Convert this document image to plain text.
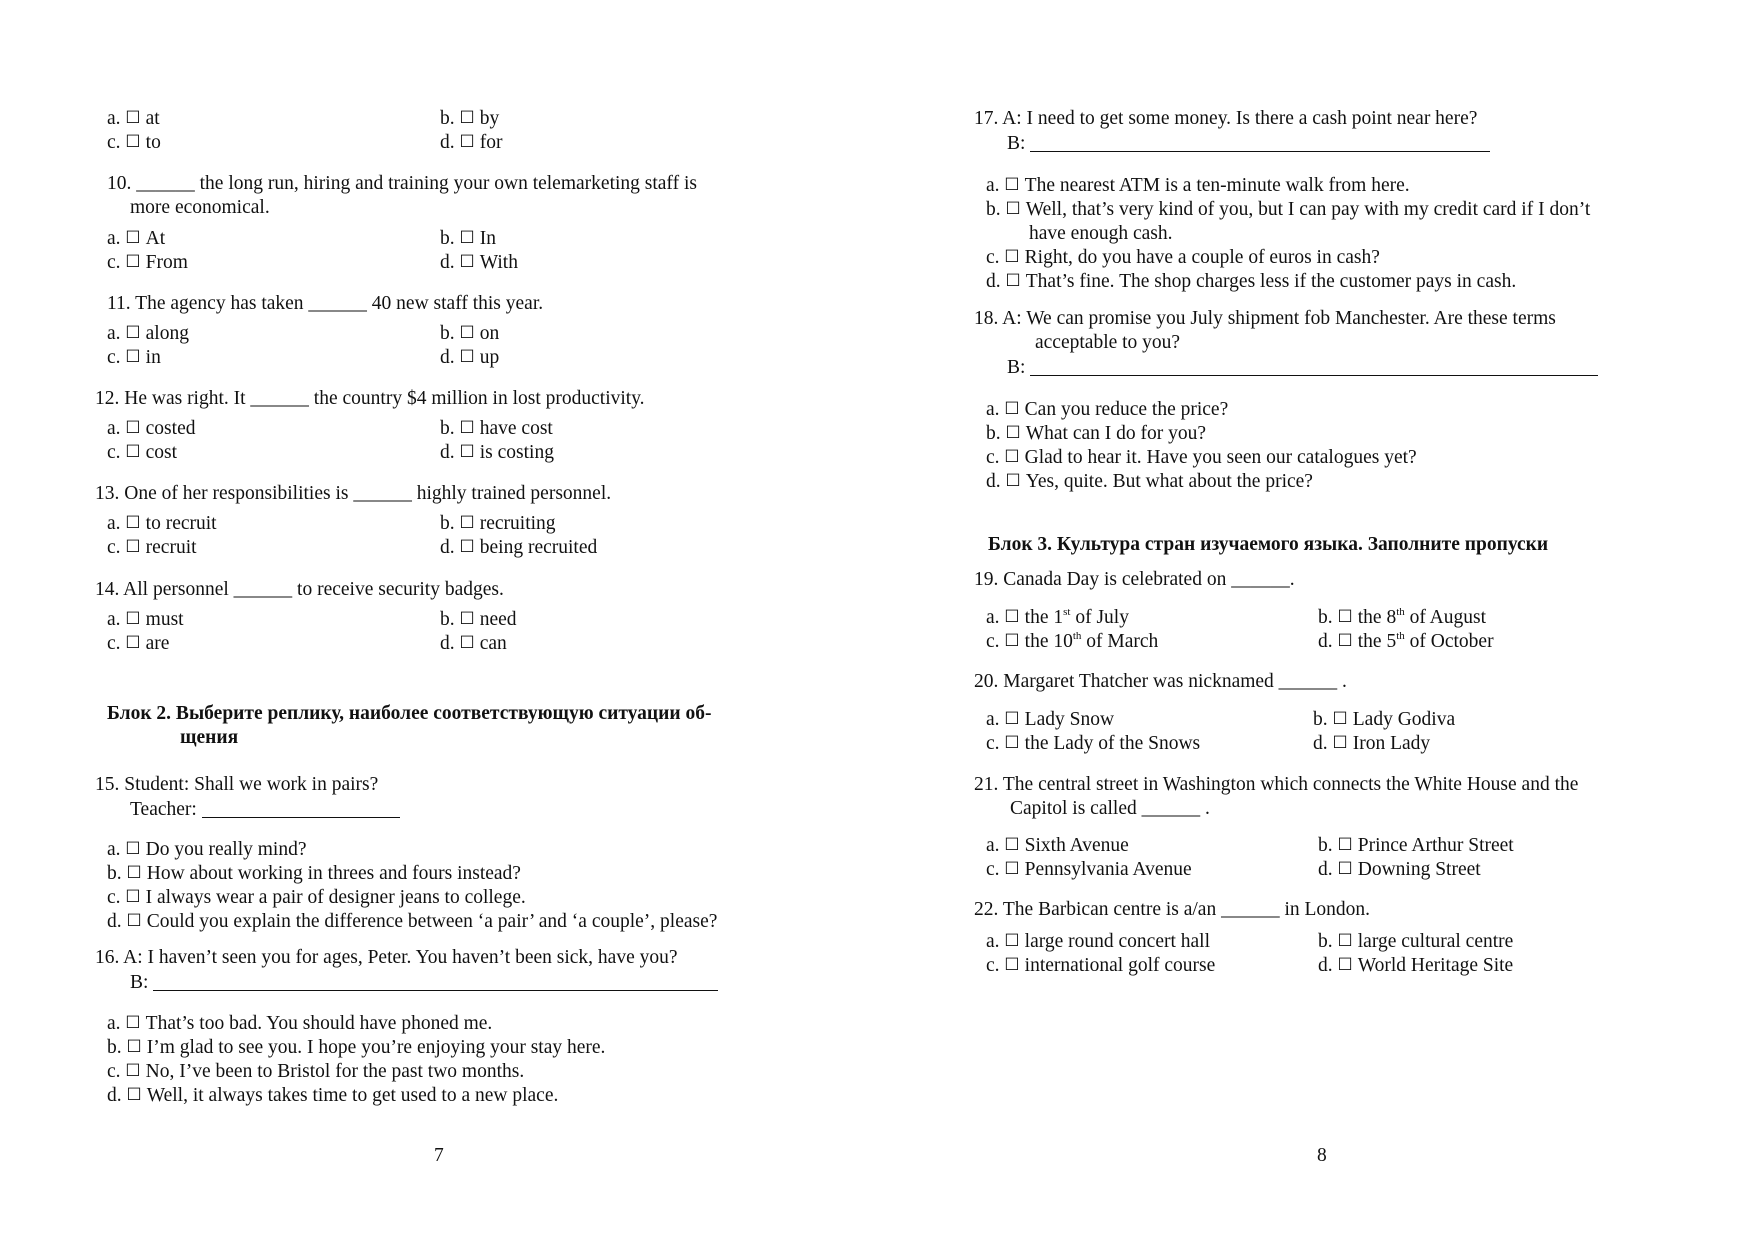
a. ☐ at	b. ☐ by
c. ☐ to	d. ☐ for
10. ______ the long run, hiring and training your own telemarketing staff is
more economical.
a. ☐ At	b. ☐ In
c. ☐ From	d. ☐ With
11. The agency has taken ______ 40 new staff this year.
a. ☐ along	b. ☐ on
c. ☐ in	d. ☐ up
12. He was right. It ______ the country $4 million in lost productivity.
a. ☐ costed	b. ☐ have cost
c. ☐ cost	d. ☐ is costing
13. One of her responsibilities is ______ highly trained personnel.
a. ☐ to recruit	b. ☐ recruiting
c. ☐ recruit	d. ☐ being recruited
14. All personnel ______ to receive security badges.
a. ☐ must	b. ☐ need
c. ☐ are	d. ☐ can
Блок 2. Выберите реплику, наиболее соответствующую ситуации об-
щения
15. Student: Shall we work in pairs?
Teacher:
a. ☐ Do you really mind?
b. ☐ How about working in threes and fours instead?
c. ☐ I always wear a pair of designer jeans to college.
d. ☐ Could you explain the difference between ‘a pair’ and ‘a couple’, please?
16. A: I haven’t seen you for ages, Peter. You haven’t been sick, have you?
B:
a. ☐ That’s too bad. You should have phoned me.
b. ☐ I’m glad to see you. I hope you’re enjoying your stay here.
c. ☐ No, I’ve been to Bristol for the past two months.
d. ☐ Well, it always takes time to get used to a new place.
7
17. A: I need to get some money. Is there a cash point near here?
B:
a. ☐ The nearest ATM is a ten-minute walk from here.
b. ☐ Well, that’s very kind of you, but I can pay with my credit card if I don’t
have enough cash.
c. ☐ Right, do you have a couple of euros in cash?
d. ☐ That’s fine. The shop charges less if the customer pays in cash.
18. A: We can promise you July shipment fob Manchester. Are these terms
acceptable to you?
B:
a. ☐ Can you reduce the price?
b. ☐ What can I do for you?
c. ☐ Glad to hear it. Have you seen our catalogues yet?
d. ☐ Yes, quite. But what about the price?
Блок 3. Культура стран изучаемого языка. Заполните пропуски
19. Canada Day is celebrated on ______.
a. ☐ the 1st of July	b. ☐ the 8th of August
c. ☐ the 10th of March	d. ☐ the 5th of October
20. Margaret Thatcher was nicknamed ______ .
a. ☐ Lady Snow	b. ☐ Lady Godiva
c. ☐ the Lady of the Snows	d. ☐ Iron Lady
21. The central street in Washington which connects the White House and the
Capitol is called ______ .
a. ☐ Sixth Avenue	b. ☐ Prince Arthur Street
c. ☐ Pennsylvania Avenue	d. ☐ Downing Street
22. The Barbican centre is a/an ______ in London.
a. ☐ large round concert hall	b. ☐ large cultural centre
c. ☐ international golf course	d. ☐ World Heritage Site
8
